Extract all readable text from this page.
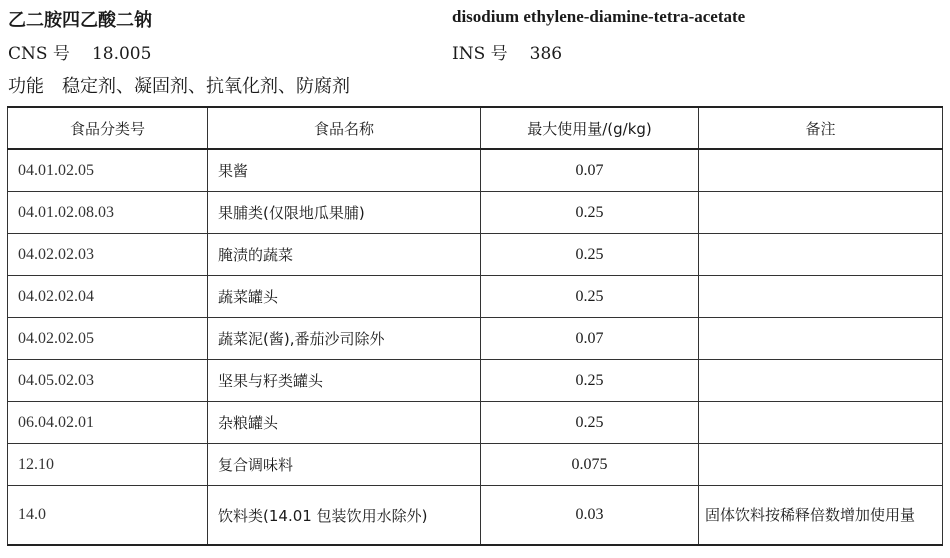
乙二胺四乙酸二钠	disodium ethylene-diamine-tetra-acetate
CNS 号 18.005	INS 号 386
功能 稳定剂、凝固剂、抗氧化剂、防腐剂
食品分类号	食品名称	最大使用量/(g/kg)	备注
04.01.02.05	果酱	0.07	
04.01.02.08.03	果脯类(仅限地瓜果脯)	0.25	
04.02.02.03	腌渍的蔬菜	0.25	
04.02.02.04	蔬菜罐头	0.25	
04.02.02.05	蔬菜泥(酱),番茄沙司除外	0.07	
04.05.02.03	坚果与籽类罐头	0.25	
06.04.02.01	杂粮罐头	0.25	
12.10	复合调味料	0.075	
14.0	饮料类(14.01 包装饮用水除外)	0.03	固体饮料按稀释倍数增加使用量
